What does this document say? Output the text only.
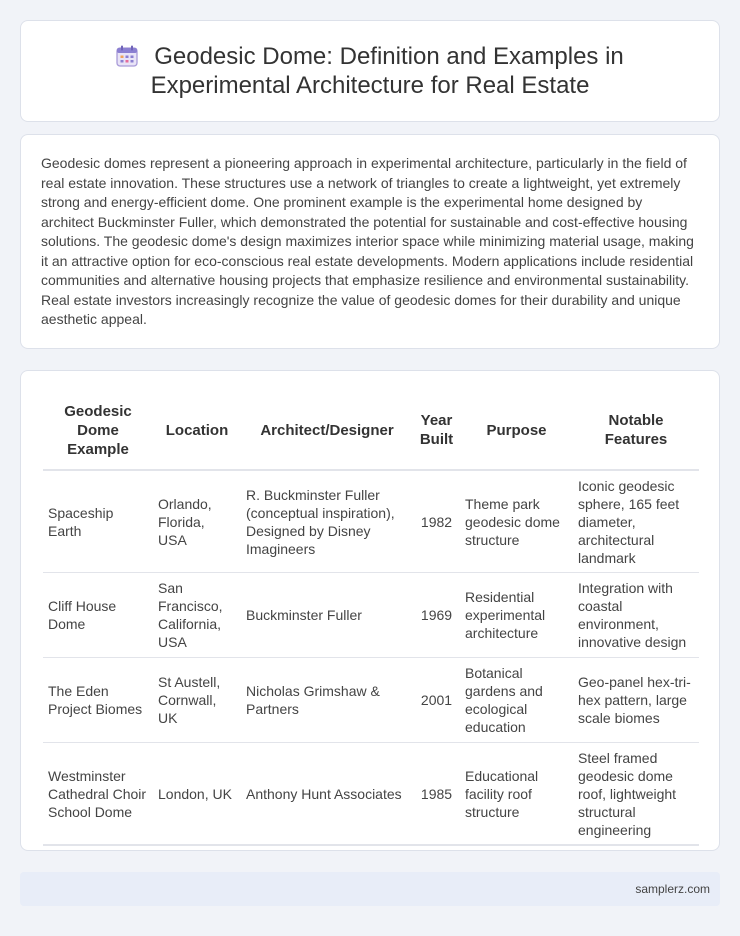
Geodesic Dome: Definition and Examples in Experimental Architecture for Real Estate

Geodesic domes represent a pioneering approach in experimental architecture, particularly in the field of real estate innovation. These structures use a network of triangles to create a lightweight, yet extremely strong and energy-efficient dome. One prominent example is the experimental home designed by architect Buckminster Fuller, which demonstrated the potential for sustainable and cost-effective housing solutions. The geodesic dome's design maximizes interior space while minimizing material usage, making it an attractive option for eco-conscious real estate developments. Modern applications include residential communities and alternative housing projects that emphasize resilience and environmental sustainability. Real estate investors increasingly recognize the value of geodesic domes for their durability and unique aesthetic appeal.

Geodesic Dome Example	Location	Architect/Designer	Year Built	Purpose	Notable Features
Spaceship Earth	Orlando, Florida, USA	R. Buckminster Fuller (conceptual inspiration), Designed by Disney Imagineers	1982	Theme park geodesic dome structure	Iconic geodesic sphere, 165 feet diameter, architectural landmark
Cliff House Dome	San Francisco, California, USA	Buckminster Fuller	1969	Residential experimental architecture	Integration with coastal environment, innovative design
The Eden Project Biomes	St Austell, Cornwall, UK	Nicholas Grimshaw & Partners	2001	Botanical gardens and ecological education	Geo-panel hex-tri-hex pattern, large scale biomes
Westminster Cathedral Choir School Dome	London, UK	Anthony Hunt Associates	1985	Educational facility roof structure	Steel framed geodesic dome roof, lightweight structural engineering
samplerz.com
